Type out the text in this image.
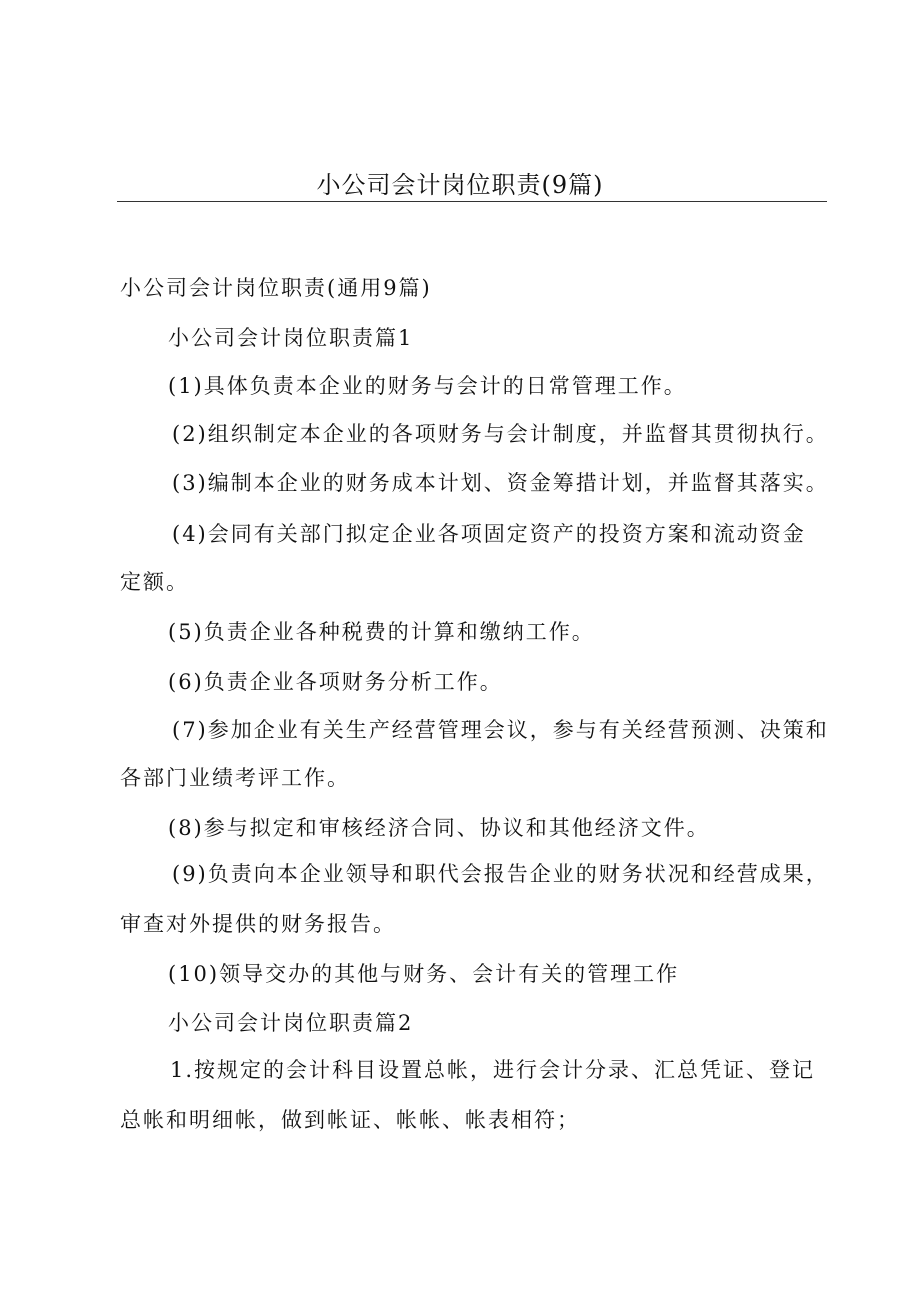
小公司会计岗位职责(9篇)
小公司会计岗位职责(通用9篇)
小公司会计岗位职责篇1
(1)具体负责本企业的财务与会计的日常管理工作。
(2)组织制定本企业的各项财务与会计制度，并监督其贯彻执行。
(3)编制本企业的财务成本计划、资金筹措计划，并监督其落实。
(4)会同有关部门拟定企业各项固定资产的投资方案和流动资金
定额。
(5)负责企业各种税费的计算和缴纳工作。
(6)负责企业各项财务分析工作。
(7)参加企业有关生产经营管理会议，参与有关经营预测、决策和
各部门业绩考评工作。
(8)参与拟定和审核经济合同、协议和其他经济文件。
(9)负责向本企业领导和职代会报告企业的财务状况和经营成果，
审查对外提供的财务报告。
(10)领导交办的其他与财务、会计有关的管理工作
小公司会计岗位职责篇2
1.按规定的会计科目设置总帐，进行会计分录、汇总凭证、登记
总帐和明细帐，做到帐证、帐帐、帐表相符；
